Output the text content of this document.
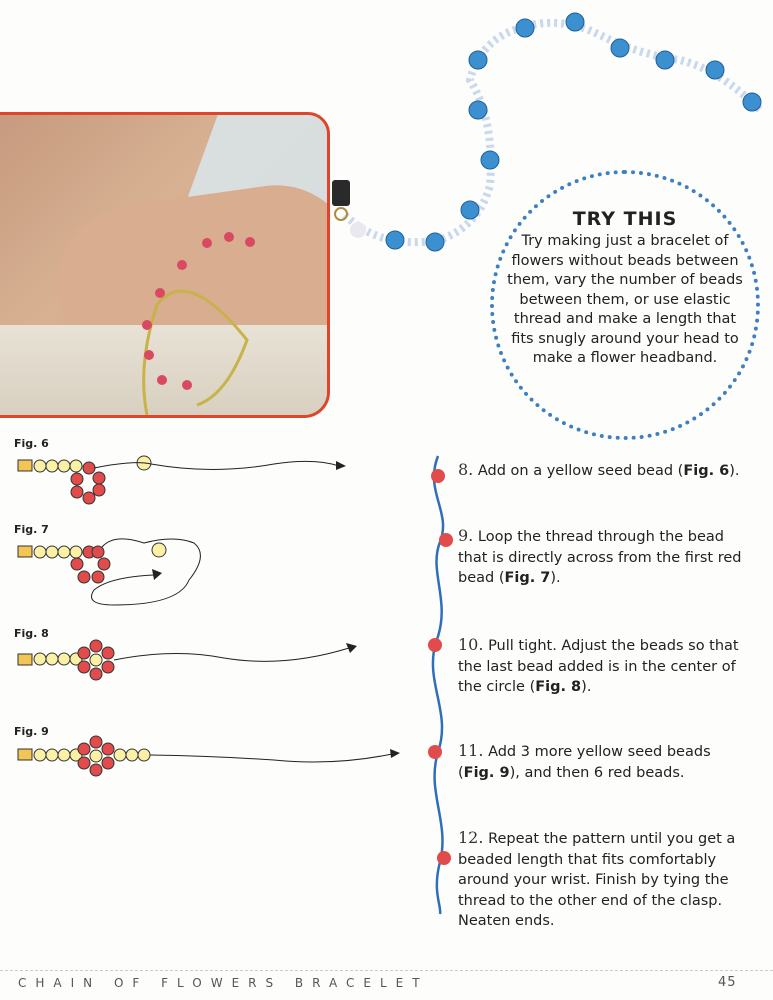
TRY THIS
Try making just a bracelet of flowers without beads between them, vary the number of beads between them, or use elastic thread and make a length that fits snugly around your head to make a flower headband.
Fig. 6
Fig. 7
Fig. 8
Fig. 9
8. Add on a yellow seed bead (Fig. 6).
9. Loop the thread through the bead that is directly across from the first red bead (Fig. 7).
10. Pull tight. Adjust the beads so that the last bead added is in the center of the circle (Fig. 8).
11. Add 3 more yellow seed beads (Fig. 9), and then 6 red beads.
12. Repeat the pattern until you get a beaded length that fits comfortably around your wrist. Finish by tying the thread to the other end of the clasp. Neaten ends.
CHAIN OF FLOWERS BRACELET	45
